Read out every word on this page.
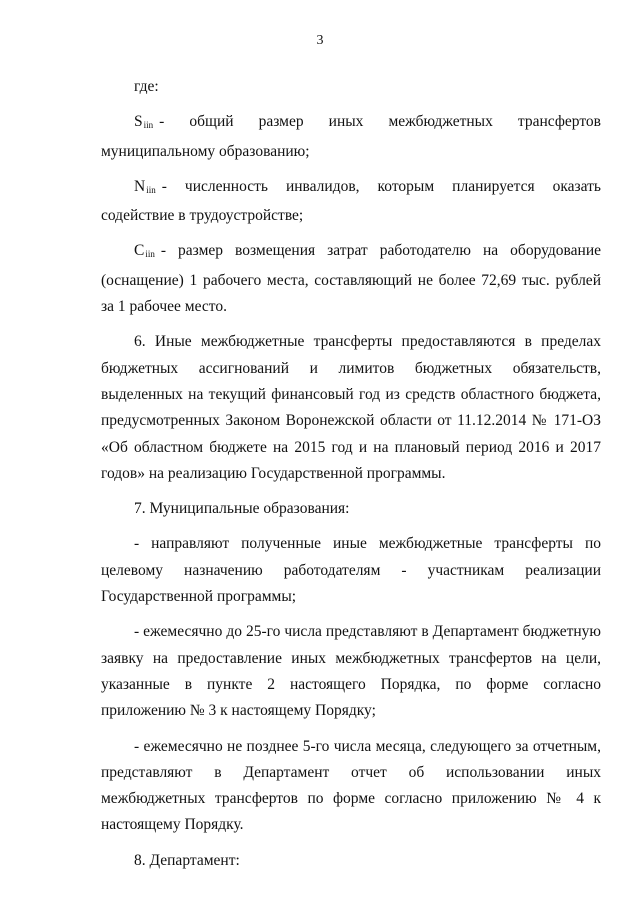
3

где:

$S_{iin}$ - общий размер иных межбюджетных трансфертов муниципальному образованию;

$N_{iin}$ - численность инвалидов, которым планируется оказать содействие в трудоустройстве;

$C_{iin}$ - размер возмещения затрат работодателю на оборудование (оснащение) 1 рабочего места, составляющий не более 72,69 тыс. рублей за 1 рабочее место.

6. Иные межбюджетные трансферты предоставляются в пределах бюджетных ассигнований и лимитов бюджетных обязательств, выделенных на текущий финансовый год из средств областного бюджета, предусмотренных Законом Воронежской области от 11.12.2014 № 171-ОЗ «Об областном бюджете на 2015 год и на плановый период 2016 и 2017 годов» на реализацию Государственной программы.

7. Муниципальные образования:

- направляют полученные иные межбюджетные трансферты по целевому назначению работодателям - участникам реализации Государственной программы;

- ежемесячно до 25-го числа представляют в Департамент бюджетную заявку на предоставление иных межбюджетных трансфертов на цели, указанные в пункте 2 настоящего Порядка, по форме согласно приложению № 3 к настоящему Порядку;

- ежемесячно не позднее 5-го числа месяца, следующего за отчетным, представляют в Департамент отчет об использовании иных межбюджетных трансфертов по форме согласно приложению № 4 к настоящему Порядку.

8. Департамент:
